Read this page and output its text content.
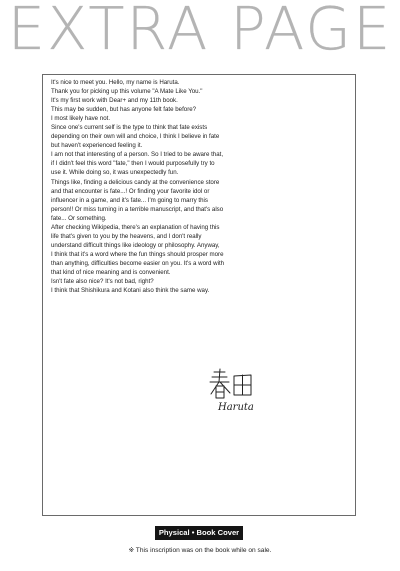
EXTRA PAGE

It's nice to meet you. Hello, my name is Haruta.

Thank you for picking up this volume "A Mate Like You."

It's my first work with Dear+ and my 11th book.

This may be sudden, but has anyone felt fate before?

I most likely have not.

Since one's current self is the type to think that fate exists

depending on their own will and choice, I think I believe in fate

but haven't experienced feeling it.

I am not that interesting of a person. So I tried to be aware that,

if I didn't feel this word "fate," then I would purposefully try to

use it. While doing so, it was unexpectedly fun.

Things like, finding a delicious candy at the convenience store

and that encounter is fate...! Or finding your favorite idol or

influencer in a game, and it's fate... I'm going to marry this

person!! Or miss turning in a terrible manuscript, and that's also

fate... Or something.

After checking Wikipedia, there's an explanation of having this

life that's given to you by the heavens, and I don't really

understand difficult things like ideology or philosophy. Anyway,

I think that it's a word where the fun things should prosper more

than anything, difficulties become easier on you. It's a word with

that kind of nice meaning and is convenient.

Isn't fate also nice? It's not bad, right?

I think that Shishikura and Kotani also think the same way.

Haruta
Physical • Book Cover
※ This inscription was on the book while on sale.
